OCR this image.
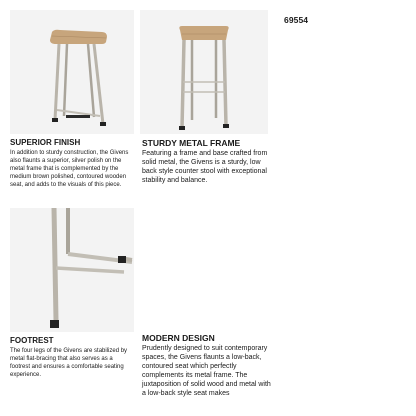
69554

SUPERIOR FINISH

In addition to sturdy construction, the Givens also flaunts a superior, silver polish on the metal frame that is complemented by the medium brown polished, contoured wooden seat, and adds to the visuals of this piece.

STURDY METAL FRAME

Featuring a frame and base crafted from solid metal, the Givens is a sturdy, low back style counter stool with exceptional stability and balance.

FOOTREST

The four legs of the Givens are stabilized by metal flat-bracing that also serves as a footrest and ensures a comfortable seating experience.

MODERN DESIGN

Prudently designed to suit contemporary spaces, the Givens flaunts a low-back, contoured seat which perfectly complements its metal frame. The juxtaposition of solid wood and metal with a low-back style seat makes
